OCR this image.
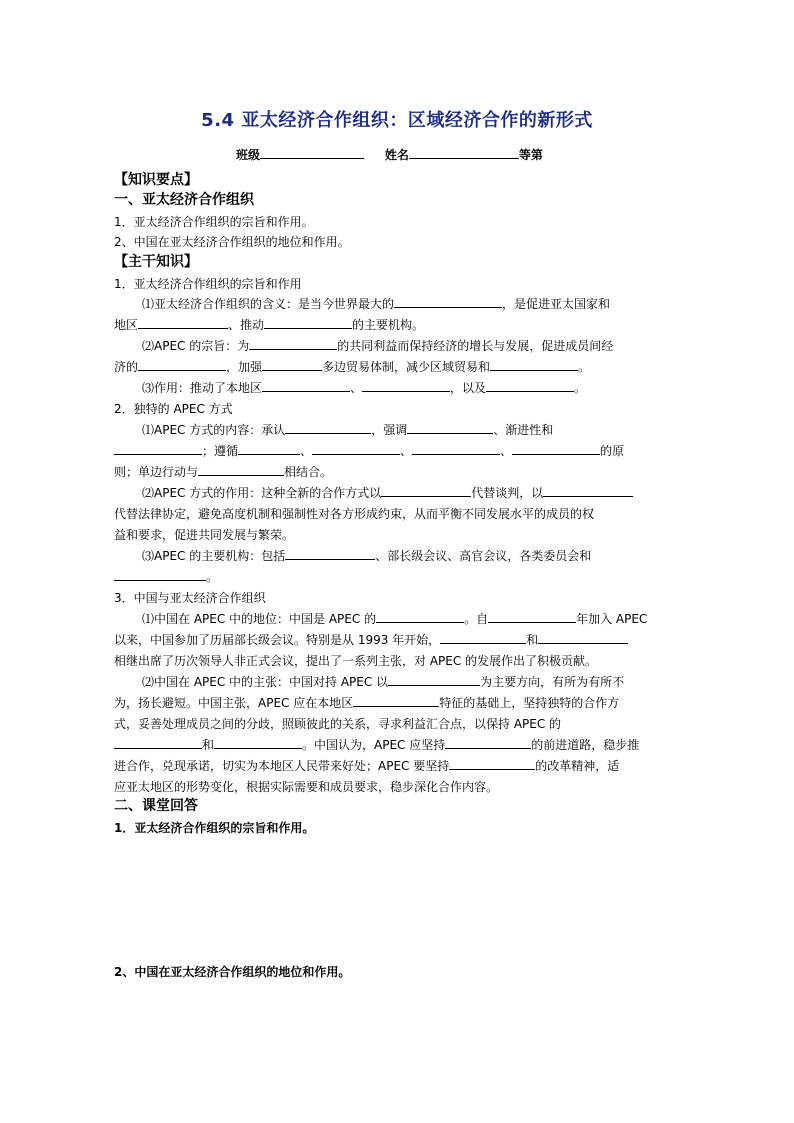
5.4 亚太经济合作组织：区域经济合作的新形式
班级	姓名	等第
【知识要点】
一、亚太经济合作组织
1．亚太经济合作组织的宗旨和作用。
2、中国在亚太经济合作组织的地位和作用。
【主干知识】
1．亚太经济合作组织的宗旨和作用
⑴亚太经济合作组织的含义：是当今世界最大的	，是促进亚太国家和
地区	、推动	的主要机构。
⑵APEC 的宗旨：为	的共同利益而保持经济的增长与发展，促进成员间经
济的	，加强	多边贸易体制，减少区域贸易和	。
⑶作用：推动了本地区	、	，以及	。
2．独特的 APEC 方式
⑴APEC 方式的内容：承认	，强调	、渐进性和
；遵循	、	、	、	的原
则；单边行动与	相结合。
⑵APEC 方式的作用：这种全新的合作方式以	代替谈判，以
代替法律协定，避免高度机制和强制性对各方形成约束，从而平衡不同发展水平的成员的权
益和要求，促进共同发展与繁荣。
⑶APEC 的主要机构：包括	、部长级会议、高官会议，各类委员会和
。
3．中国与亚太经济合作组织
⑴中国在 APEC 中的地位：中国是 APEC 的	。自	年加入 APEC
以来，中国参加了历届部长级会议。特别是从 1993 年开始，	和
相继出席了历次领导人非正式会议，提出了一系列主张，对 APEC 的发展作出了积极贡献。
⑵中国在 APEC 中的主张：中国对持 APEC 以	为主要方向，有所为有所不
为，扬长避短。中国主张，APEC 应在本地区	特征的基础上，坚持独特的合作方
式，妥善处理成员之间的分歧，照顾彼此的关系，寻求利益汇合点，以保持 APEC 的
和	。中国认为，APEC 应坚持	的前进道路，稳步推
进合作，兑现承诺，切实为本地区人民带来好处；APEC 要坚持	的改革精神，适
应亚太地区的形势变化，根据实际需要和成员要求，稳步深化合作内容。
二、课堂回答
1．亚太经济合作组织的宗旨和作用。
2、中国在亚太经济合作组织的地位和作用。
